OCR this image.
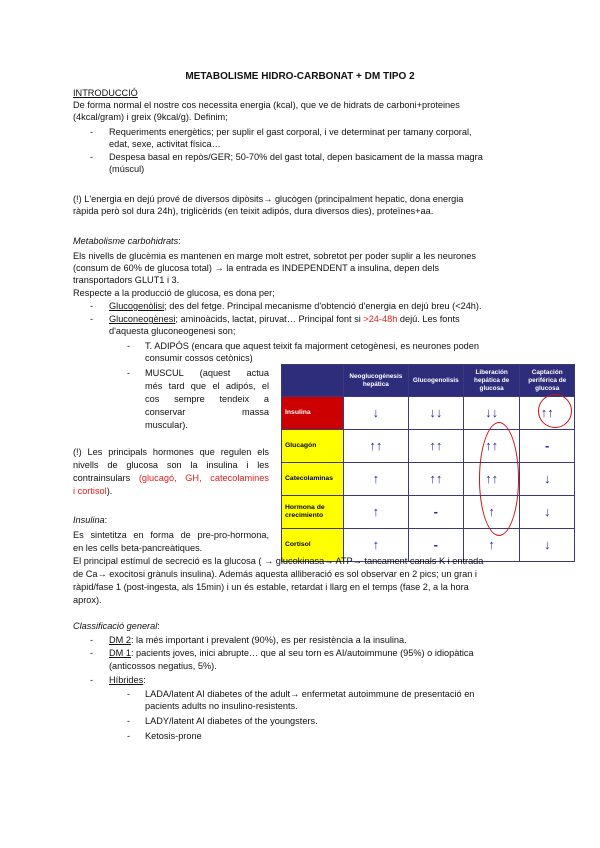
METABOLISME HIDRO-CARBONAT + DM TIPO 2
INTRODUCCIÓ
De forma normal el nostre cos necessita energia (kcal), que ve de hidrats de carboni+proteines
(4kcal/gram) i greix (9kcal/g). Definim;
- Requeriments energètics; per suplir el gast corporal, i ve determinat per tamany corporal,
edat, sexe, activitat física…
- Despesa basal en repòs/GER; 50-70% del gast total, depen basicament de la massa magra
(múscul)
(!) L'energia en dejú prové de diversos dipòsits→ glucògen (principalment hepatic, dona energia
ràpida però sol dura 24h), triglicèrids (en teixit adipós, dura diversos dies), proteïnes+aa.
Metabolisme carbohidrats:
Els nivells de glucèmia es mantenen en marge molt estret, sobretot per poder suplir a les neurones
(consum de 60% de glucosa total) → la entrada es INDEPENDENT a insulina, depen dels
transportadors GLUT1 i 3.
Respecte a la producció de glucosa, es dona per;
- Glucogenòlisi; des del fetge. Principal mecanisme d'obtenció d'energia en dejú breu (<24h).
- Gluconeogènesi; aminoàcids, lactat, piruvat… Principal font si >24-48h dejú. Les fonts
d'aquesta gluconeogenesi son;
- T. ADIPÓS (encara que aquest teixit fa majorment cetogènesi, es neurones poden
consumir cossos cetònics)
- MUSCUL (aquest actua
més tard que el adipós, el
cos sempre tendeix a
conservar	massa
muscular).
(!) Les principals hormones que regulen els
nivells de glucosa son la insulina i les
contrainsulars (glucagó, GH, catecolamines
i cortisol).
	Neoglucogénesis hepática	Glucogenolisis	Liberación hepática de glucosa	Captación periférica de glucosa
Insulina	↓	↓↓	↓↓	↑↑
Glucagón	↑↑	↑↑	↑↑	-
Catecolaminas	↑	↑↑	↑↑	↓
Hormona de crecimiento	↑	-	↑	↓
Cortisol	↑	-	↑	↓
Insulina:
Es sintetitza en forma de pre-pro-hormona,
en les cells beta-pancreàtiques.
El principal estímul de secreció es la glucosa ( → glucokinasa→ ATP→ tancament canals K i entrada
de Ca→ exocitosi grànuls insulina). Además aquesta alliberació es sol observar en 2 pics; un gran i
ràpid/fase 1 (post-ingesta, als 15min) i un és estable, retardat i llarg en el temps (fase 2, a la hora
aprox).
Classificació general:
- DM 2: la més important i prevalent (90%), es per resistència a la insulina.
- DM 1: pacients joves, inici abrupte… que al seu torn es AI/autoimmune (95%) o idiopàtica
(anticossos negatius, 5%).
- Híbrides:
- LADA/latent AI diabetes of the adult→ enfermetat autoimmune de presentació en
pacients adults no insulino-resistents.
- LADY/latent AI diabetes of the youngsters.
- Ketosis-prone
